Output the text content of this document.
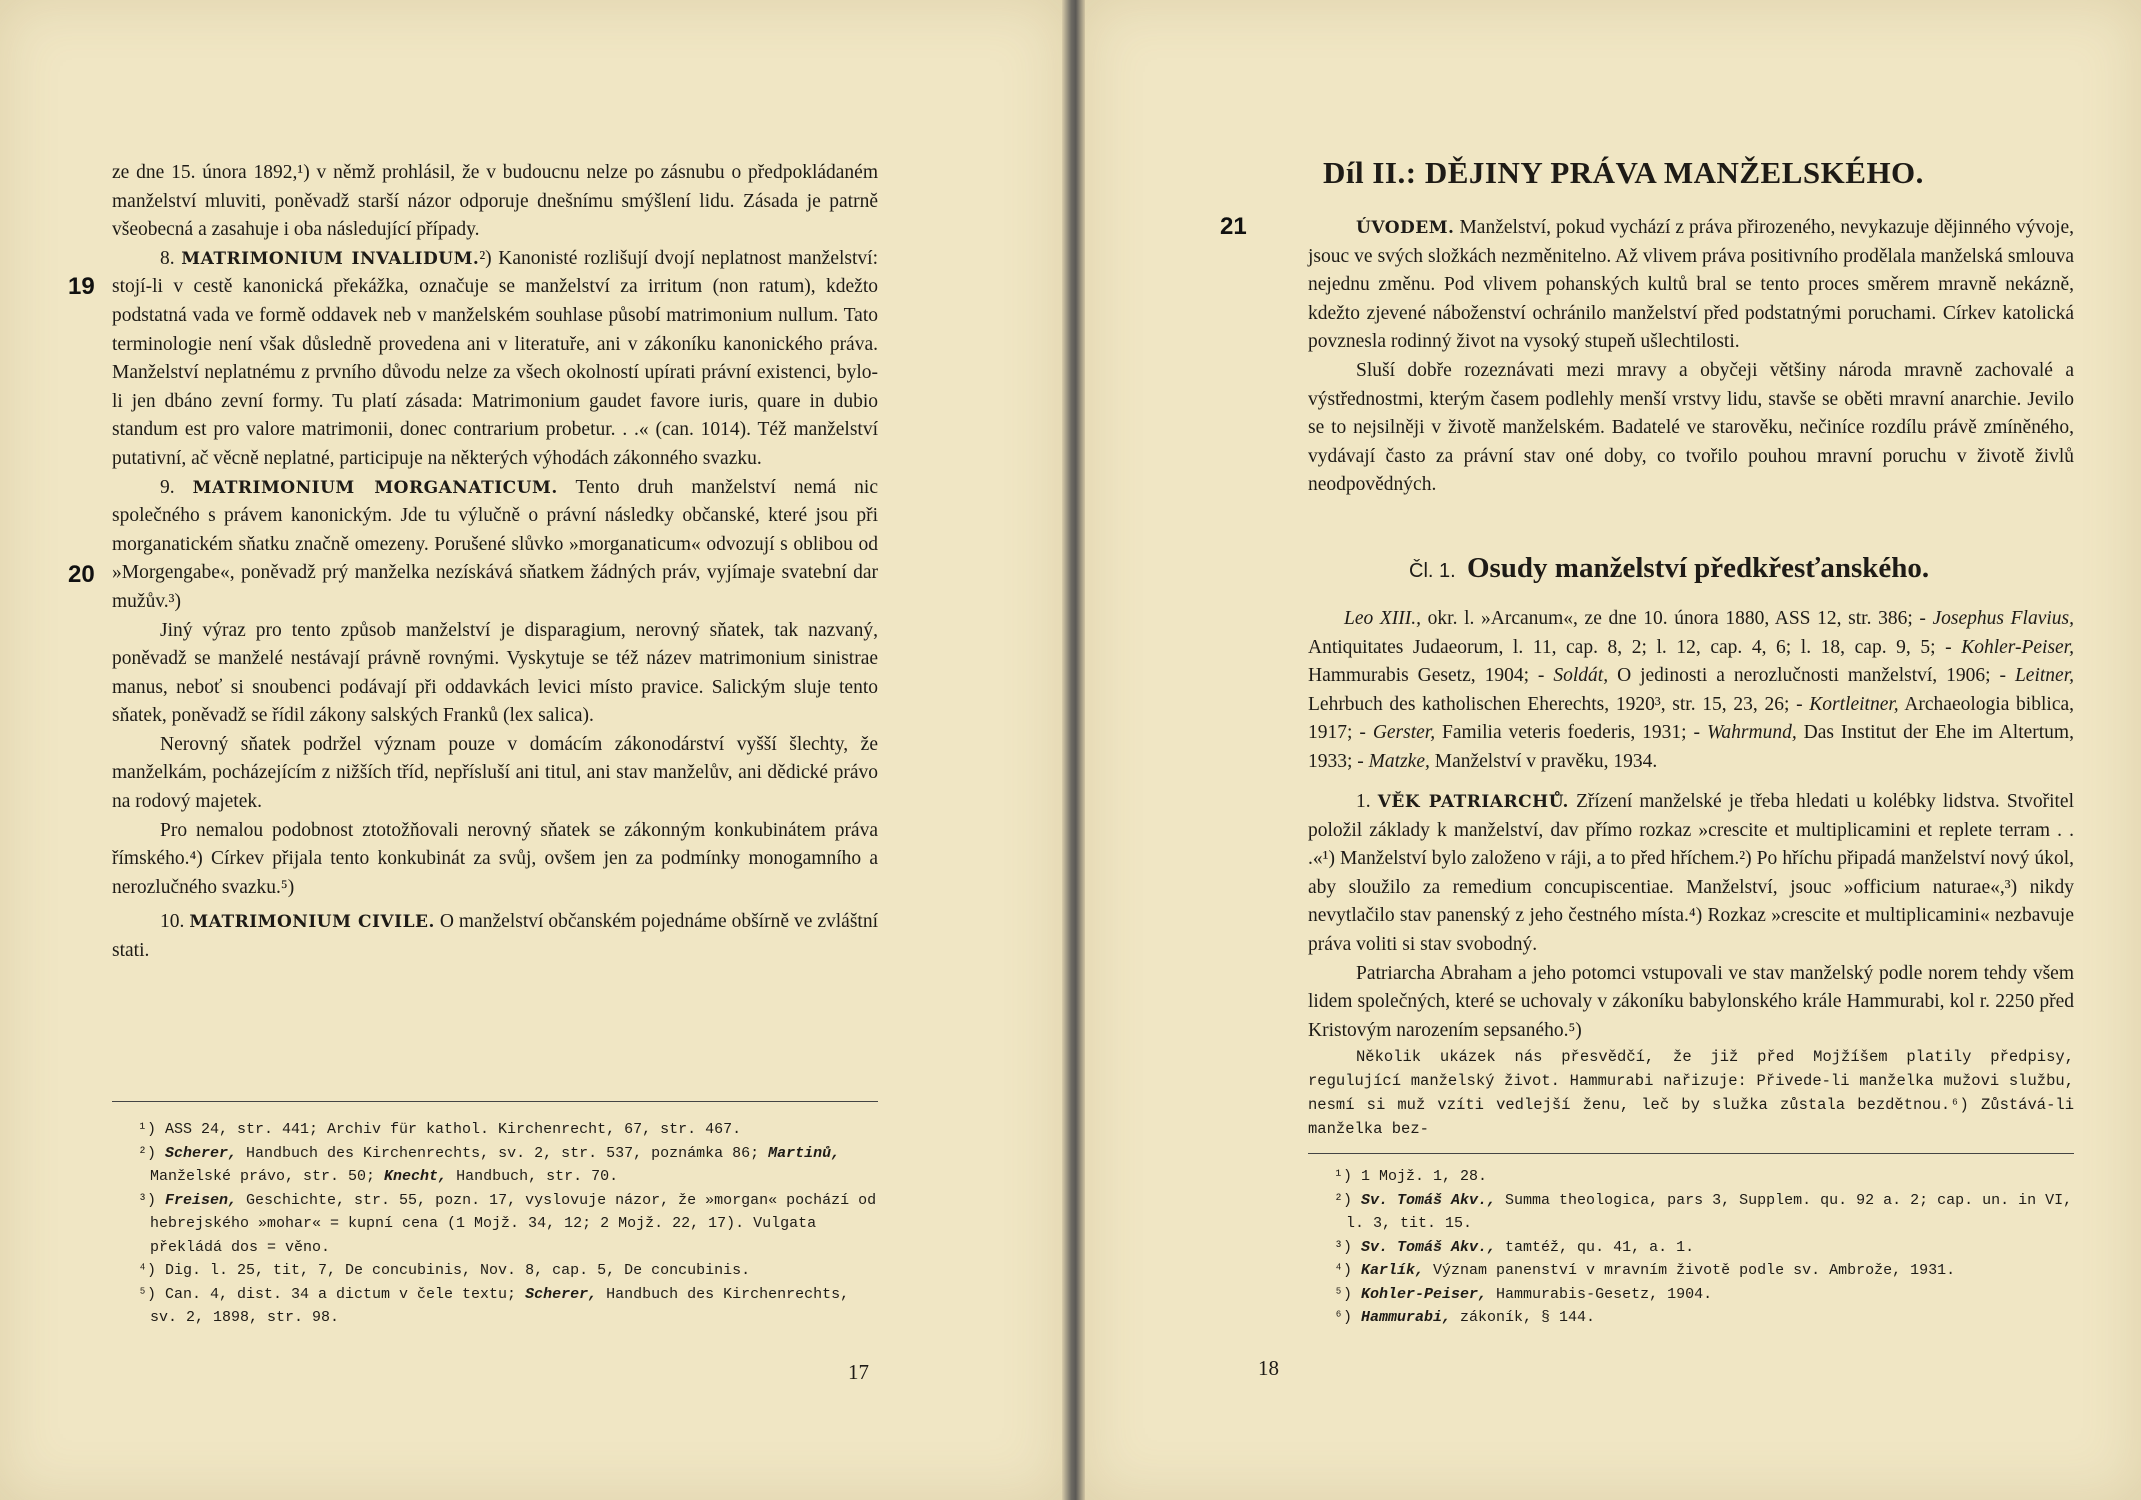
ze dne 15. února 1892,¹) v němž prohlásil, že v budoucnu nelze po zásnubu o předpokládaném manželství mluviti, poněvadž starší názor odporuje dnešnímu smýšlení lidu. Zásada je patrně všeobecná a zasahuje i oba následující případy.

8. MATRIMONIUM INVALIDUM.²) Kanonisté rozlišují dvojí neplatnost manželství: stojí-li v cestě kanonická překážka, označuje se manželství za irritum (non ratum), kdežto podstatná vada ve formě oddavek neb v manželském souhlase působí matrimonium nullum. Tato terminologie není však důsledně provedena ani v literatuře, ani v zákoníku kanonického práva. Manželství neplatnému z prvního důvodu nelze za všech okolností upírati právní existenci, bylo-li jen dbáno zevní formy. Tu platí zásada: Matrimonium gaudet favore iuris, quare in dubio standum est pro valore matrimonii, donec contrarium probetur. . .« (can. 1014). Též manželství putativní, ač věcně neplatné, participuje na některých výhodách zákonného svazku.

9. MATRIMONIUM MORGANATICUM. Tento druh manželství nemá nic společného s právem kanonickým. Jde tu výlučně o právní následky občanské, které jsou při morganatickém sňatku značně omezeny. Porušené slůvko »morganaticum« odvozují s oblibou od »Morgengabe«, poněvadž prý manželka nezískává sňatkem žádných práv, vyjímaje svatební dar mužův.³)

Jiný výraz pro tento způsob manželství je disparagium, nerovný sňatek, tak nazvaný, poněvadž se manželé nestávají právně rovnými. Vyskytuje se též název matrimonium sinistrae manus, neboť si snoubenci podávají při oddavkách levici místo pravice. Salickým sluje tento sňatek, poněvadž se řídil zákony salských Franků (lex salica).

Nerovný sňatek podržel význam pouze v domácím zákonodárství vyšší šlechty, že manželkám, pocházejícím z nižších tříd, nepřísluší ani titul, ani stav manželův, ani dědické právo na rodový majetek.

Pro nemalou podobnost ztotožňovali nerovný sňatek se zákonným konkubinátem práva římského.⁴) Církev přijala tento konkubinát za svůj, ovšem jen za podmínky monogamního a nerozlučného svazku.⁵)

10. MATRIMONIUM CIVILE. O manželství občanském pojednáme obšírně ve zvláštní stati.

19
20

¹) ASS 24, str. 441; Archiv für kathol. Kirchenrecht, 67, str. 467.

²) Scherer, Handbuch des Kirchenrechts, sv. 2, str. 537, poznámka 86; Martinů, Manželské právo, str. 50; Knecht, Handbuch, str. 70.

³) Freisen, Geschichte, str. 55, pozn. 17, vyslovuje názor, že »morgan« pochází od hebrejského »mohar« = kupní cena (1 Mojž. 34, 12; 2 Mojž. 22, 17). Vulgata překládá dos = věno.

⁴) Dig. l. 25, tit, 7, De concubinis, Nov. 8, cap. 5, De concubinis.

⁵) Can. 4, dist. 34 a dictum v čele textu; Scherer, Handbuch des Kirchenrechts, sv. 2, 1898, str. 98.

17
Díl II.: DĚJINY PRÁVA MANŽELSKÉHO.
21	ÚVODEM. Manželství, pokud vychází z práva přirozeného, nevykazuje dějinného vývoje, jsouc ve svých složkách nezměnitelno. Až vlivem práva positivního prodělala manželská smlouva nejednu změnu. Pod vlivem pohanských kultů bral se tento proces směrem mravně nekázně, kdežto zjevené náboženství ochránilo manželství před podstatnými poruchami. Církev katolická povznesla rodinný život na vysoký stupeň ušlechtilosti.

Sluší dobře rozeznávati mezi mravy a obyčeji většiny národa mravně zachovalé a výstřednostmi, kterým časem podlehly menší vrstvy lidu, stavše se oběti mravní anarchie. Jevilo se to nejsilněji v životě manželském. Badatelé ve starověku, nečiníce rozdílu právě zmíněného, vydávají často za právní stav oné doby, co tvořilo pouhou mravní poruchu v životě živlů neodpovědných.

Čl. 1. Osudy manželství předkřesťanského.

Leo XIII., okr. l. »Arcanum«, ze dne 10. února 1880, ASS 12, str. 386; - Josephus Flavius, Antiquitates Judaeorum, l. 11, cap. 8, 2; l. 12, cap. 4, 6; l. 18, cap. 9, 5; - Kohler-Peiser, Hammurabis Gesetz, 1904; - Soldát, O jedinosti a nerozlučnosti manželství, 1906; - Leitner, Lehrbuch des katholischen Eherechts, 1920³, str. 15, 23, 26; - Kortleitner, Archaeologia biblica, 1917; - Gerster, Familia veteris foederis, 1931; - Wahrmund, Das Institut der Ehe im Altertum, 1933; - Matzke, Manželství v pravěku, 1934.

1. VĚK PATRIARCHŮ. Zřízení manželské je třeba hledati u kolébky lidstva. Stvořitel položil základy k manželství, dav přímo rozkaz »crescite et multiplicamini et replete terram . . .«¹) Manželství bylo založeno v ráji, a to před hříchem.²) Po hříchu připadá manželství nový úkol, aby sloužilo za remedium concupiscentiae. Manželství, jsouc »officium naturae«,³) nikdy nevytlačilo stav panenský z jeho čestného místa.⁴) Rozkaz »crescite et multiplicamini« nezbavuje práva voliti si stav svobodný.

Patriarcha Abraham a jeho potomci vstupovali ve stav manželský podle norem tehdy všem lidem společných, které se uchovaly v zákoníku babylonského krále Hammurabi, kol r. 2250 před Kristovým narozením sepsaného.⁵)

Několik ukázek nás přesvědčí, že již před Mojžíšem platily předpisy, regulující manželský život. Hammurabi nařizuje: Přivede-li manželka mužovi službu, nesmí si muž vzíti vedlejší ženu, leč by služka zůstala bezdětnou.⁶) Zůstává-li manželka bez-

¹) 1 Mojž. 1, 28.

²) Sv. Tomáš Akv., Summa theologica, pars 3, Supplem. qu. 92 a. 2; cap. un. in VI, l. 3, tit. 15.

³) Sv. Tomáš Akv., tamtéž, qu. 41, a. 1.

⁴) Karlík, Význam panenství v mravním životě podle sv. Ambrože, 1931.

⁵) Kohler-Peiser, Hammurabis-Gesetz, 1904.

⁶) Hammurabi, zákoník, § 144.

18
